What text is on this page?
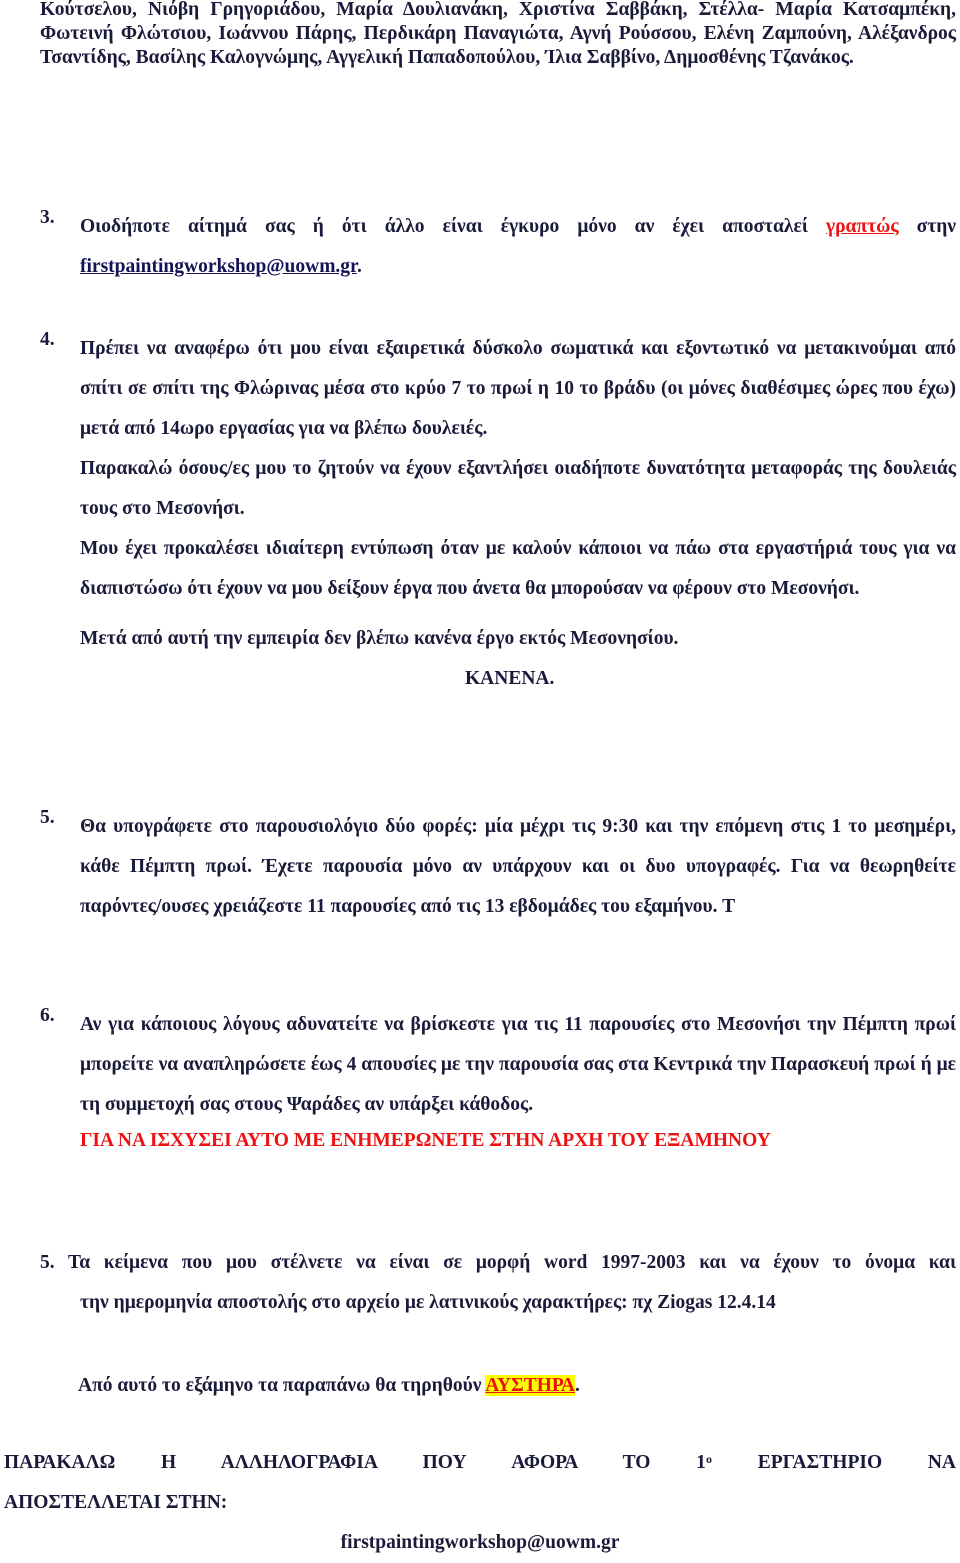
Κούτσελου, Νιόβη Γρηγοριάδου, Μαρία Δουλιανάκη, Χριστίνα Σαββάκη, Στέλλα- Μαρία Κατσαμπέκη, Φωτεινή Φλώτσιου, Ιωάννου Πάρης, Περδικάρη Παναγιώτα, Αγνή Ρούσσου, Ελένη Ζαμπούνη, Αλέξανδρος Τσαντίδης, Βασίλης Καλογνώμης, Αγγελική Παπαδοπούλου, Ίλια Σαββίνο, Δημοσθένης Τζανάκος.
3. Οιοδήποτε αίτημά σας ή ότι άλλο είναι έγκυρο μόνο αν έχει αποσταλεί γραπτώς στην
firstpaintingworkshop@uowm.gr.
4. Πρέπει να αναφέρω ότι μου είναι εξαιρετικά δύσκολο σωματικά και εξοντωτικό να μετακινούμαι από σπίτι σε σπίτι της Φλώρινας μέσα στο κρύο 7 το πρωί η 10 το βράδυ (οι μόνες διαθέσιμες ώρες που έχω) μετά από 14ωρο εργασίας για να βλέπω δουλειές.
Παρακαλώ όσους/ες μου το ζητούν να έχουν εξαντλήσει οιαδήποτε δυνατότητα μεταφοράς της δουλειάς τους στο Μεσονήσι.
Μου έχει προκαλέσει ιδιαίτερη εντύπωση όταν με καλούν κάποιοι να πάω στα εργαστήριά τους για να διαπιστώσω ότι έχουν να μου δείξουν έργα που άνετα θα μπορούσαν να φέρουν στο Μεσονήσι.
Μετά από αυτή την εμπειρία δεν βλέπω κανένα έργο εκτός Μεσονησίου.
ΚΑΝΕΝΑ.
5. Θα υπογράφετε στο παρουσιολόγιο δύο φορές: μία μέχρι τις 9:30 και την επόμενη στις 1 το μεσημέρι, κάθε Πέμπτη πρωί. Έχετε παρουσία μόνο αν υπάρχουν και οι δυο υπογραφές. Για να θεωρηθείτε παρόντες/ουσες χρειάζεστε 11 παρουσίες από τις 13 εβδομάδες του εξαμήνου. Τ
6. Αν για κάποιους λόγους αδυνατείτε να βρίσκεστε για τις 11 παρουσίες στο Μεσονήσι την Πέμπτη πρωί μπορείτε να αναπληρώσετε έως 4 απουσίες με την παρουσία σας στα Κεντρικά την Παρασκευή πρωί ή με τη συμμετοχή σας στους Ψαράδες αν υπάρξει κάθοδος.
ΓΙΑ ΝΑ ΙΣΧΥΣΕΙ ΑΥΤΟ ΜΕ ΕΝΗΜΕΡΩΝΕΤΕ ΣΤΗΝ ΑΡΧΗ ΤΟΥ ΕΞΑΜΗΝΟΥ
5. Τα κείμενα που μου στέλνετε να είναι σε μορφή word 1997-2003 και να έχουν το όνομα και
την ημερομηνία αποστολής στο αρχείο με λατινικούς χαρακτήρες: πχ Ziogas 12.4.14
Από αυτό το εξάμηνο τα παραπάνω θα τηρηθούν ΑΥΣΤΗΡΑ.
ΠΑΡΑΚΑΛΩ Η ΑΛΛΗΛΟΓΡΑΦΙΑ ΠΟΥ ΑΦΟΡΑ ΤΟ $1^o$ ΕΡΓΑΣΤΗΡΙΟ ΝΑ
ΑΠΟΣΤΕΛΛΕΤΑΙ ΣΤΗΝ:
firstpaintingworkshop@uowm.gr
